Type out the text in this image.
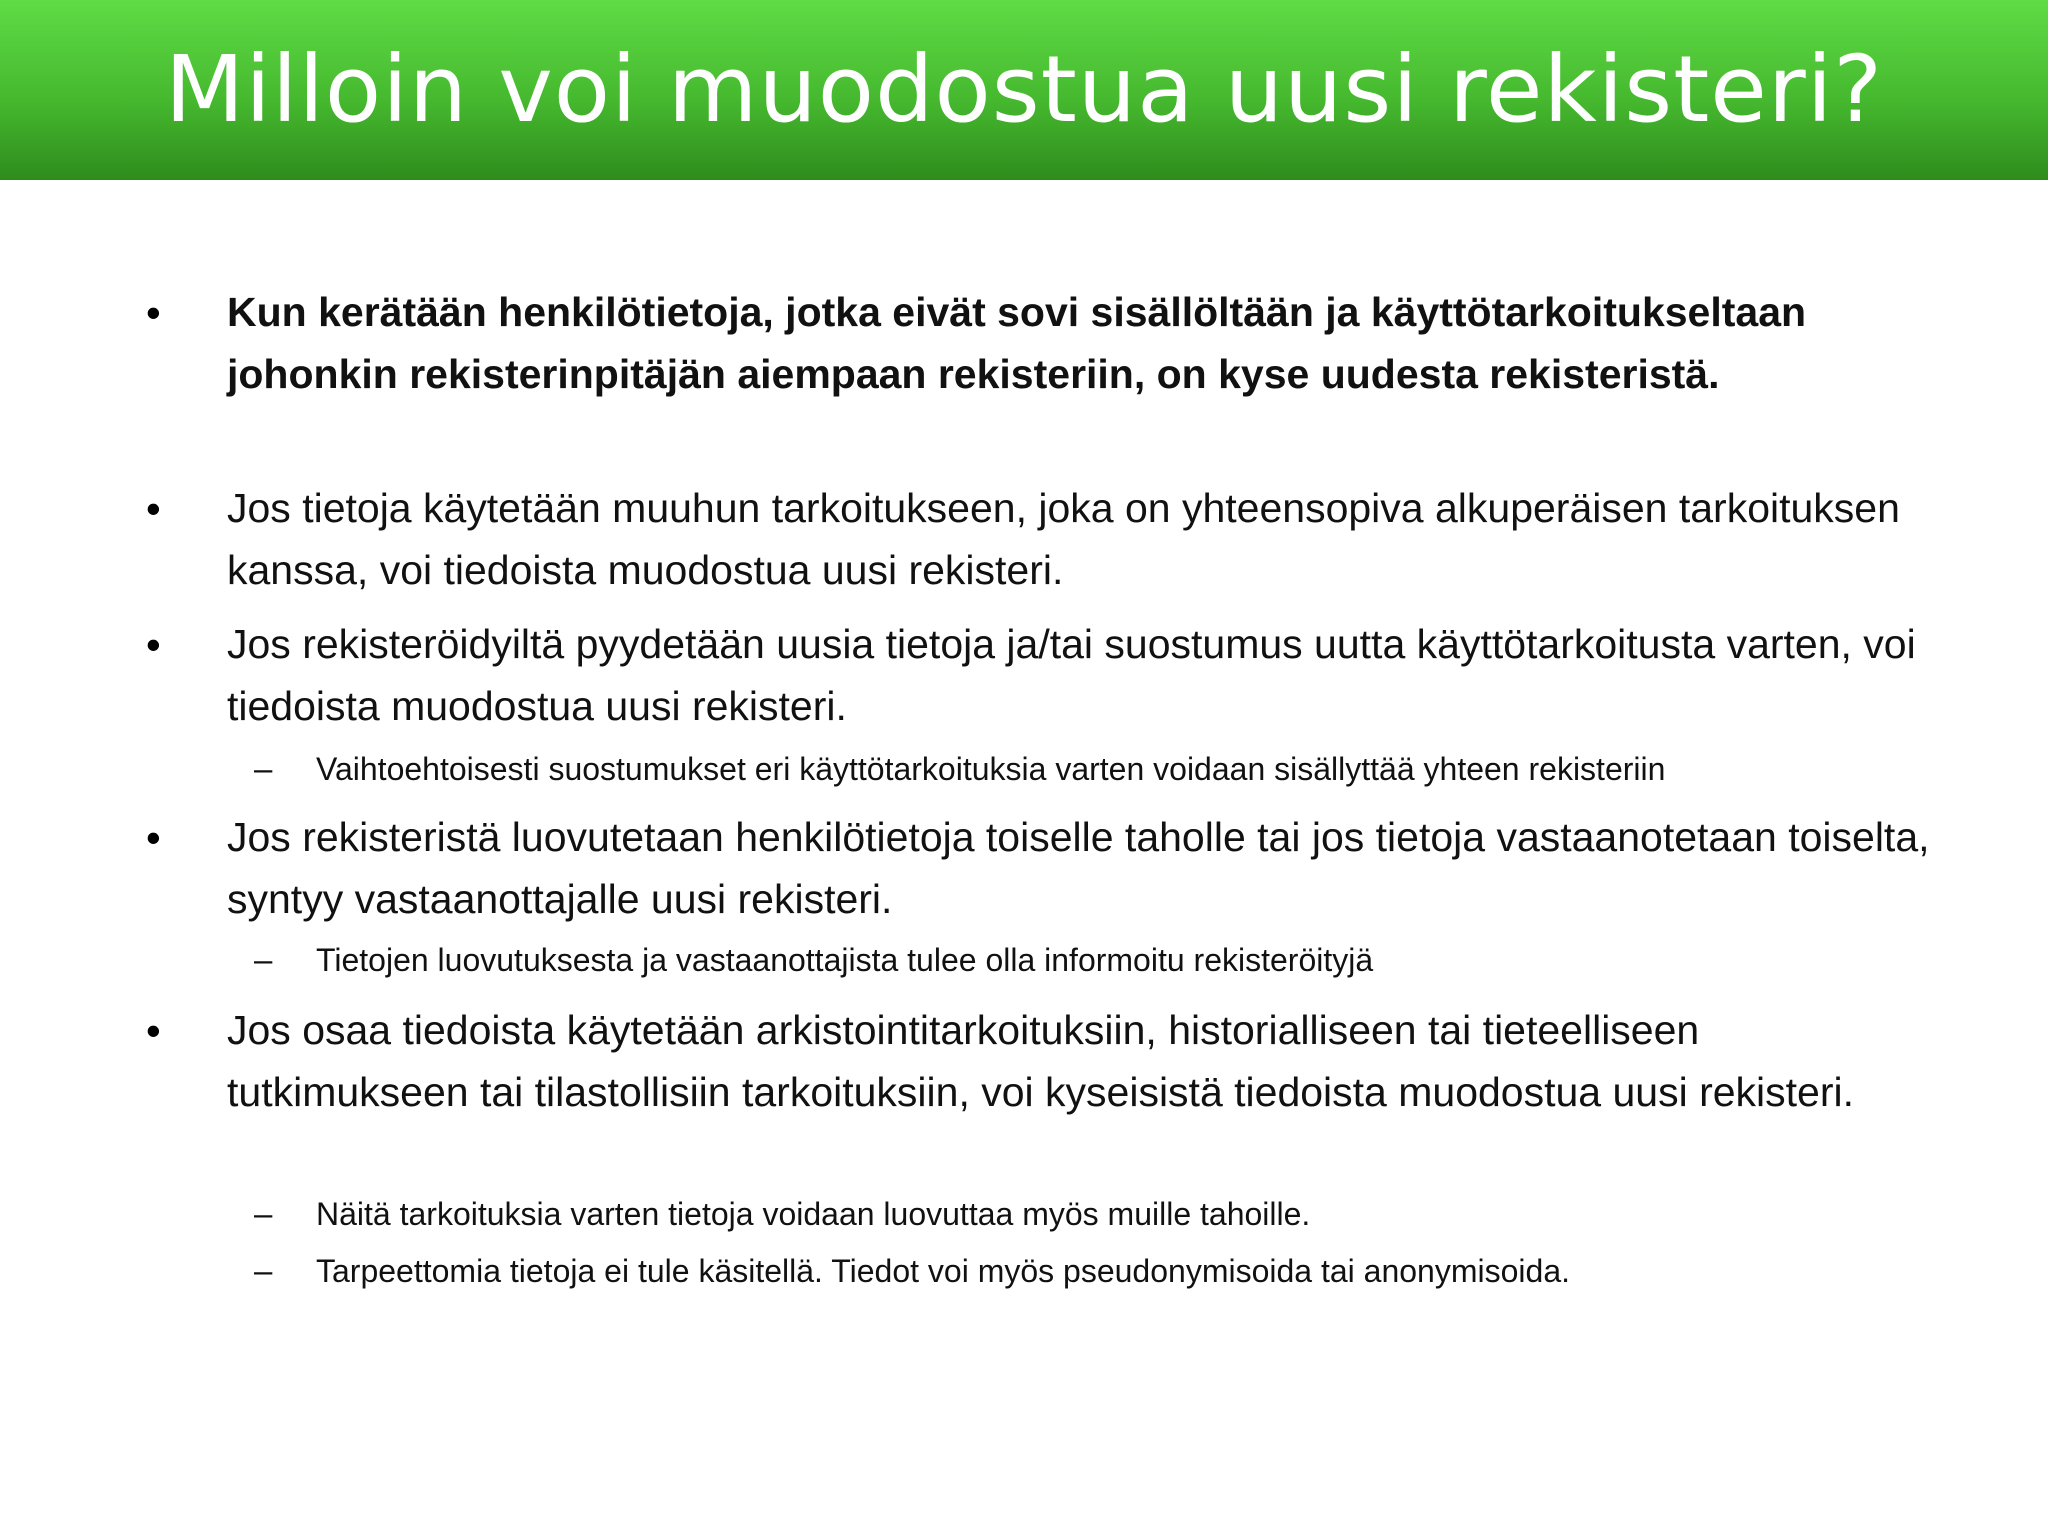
Milloin voi muodostua uusi rekisteri?
• Kun kerätään henkilötietoja, jotka eivät sovi sisällöltään ja käyttötarkoitukseltaan johonkin rekisterinpitäjän aiempaan rekisteriin, on kyse uudesta rekisteristä.
• Jos tietoja käytetään muuhun tarkoitukseen, joka on yhteensopiva alkuperäisen tarkoituksen kanssa, voi tiedoista muodostua uusi rekisteri.
• Jos rekisteröidyiltä pyydetään uusia tietoja ja/tai suostumus uutta käyttötarkoitusta varten, voi tiedoista muodostua uusi rekisteri.
– Vaihtoehtoisesti suostumukset eri käyttötarkoituksia varten voidaan sisällyttää yhteen rekisteriin
• Jos rekisteristä luovutetaan henkilötietoja toiselle taholle tai jos tietoja vastaanotetaan toiselta, syntyy vastaanottajalle uusi rekisteri.
– Tietojen luovutuksesta ja vastaanottajista tulee olla informoitu rekisteröityjä
• Jos osaa tiedoista käytetään arkistointitarkoituksiin, historialliseen tai tieteelliseen tutkimukseen tai tilastollisiin tarkoituksiin, voi kyseisistä tiedoista muodostua uusi rekisteri.
– Näitä tarkoituksia varten tietoja voidaan luovuttaa myös muille tahoille.
– Tarpeettomia tietoja ei tule käsitellä. Tiedot voi myös pseudonymisoida tai anonymisoida.
